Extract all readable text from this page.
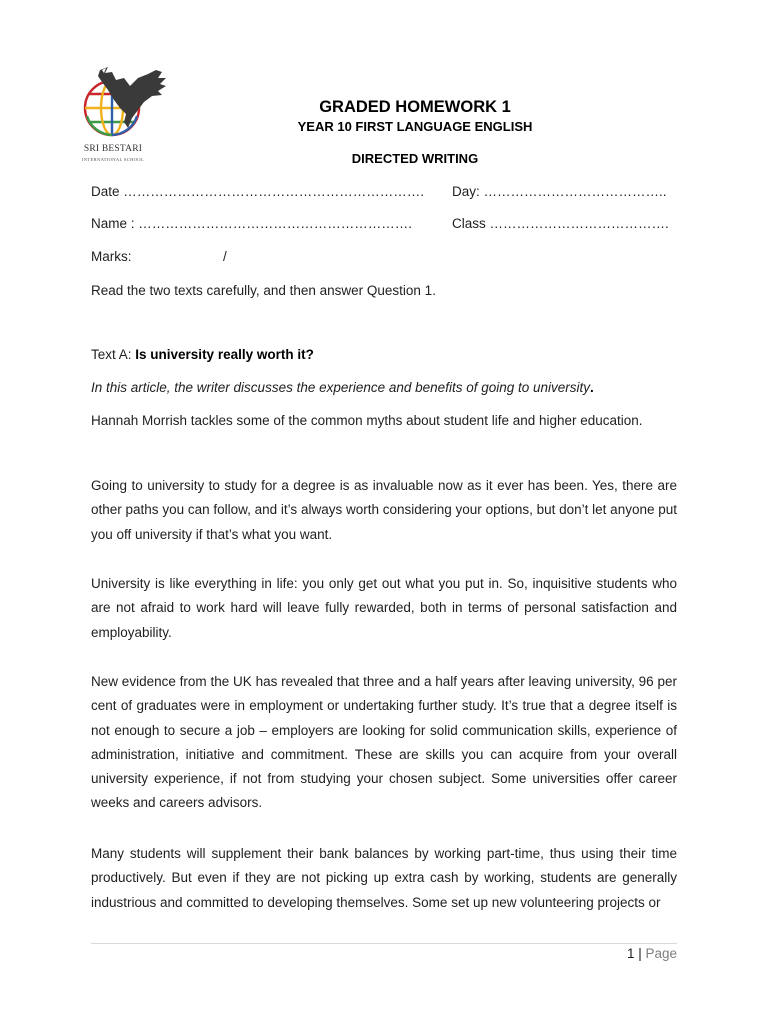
SRI BESTARI
INTERNATIONAL SCHOOL
GRADED HOMEWORK 1
YEAR 10 FIRST LANGUAGE ENGLISH
DIRECTED WRITING
Date …………………………………………………………. Day: …………………………………..
Name : …………………………………………………….	Class ………………………………….
Marks:	/
Read the two texts carefully, and then answer Question 1.
Text A: Is university really worth it?
In this article, the writer discusses the experience and benefits of going to university.
Hannah Morrish tackles some of the common myths about student life and higher education.
Going to university to study for a degree is as invaluable now as it ever has been. Yes, there are other paths you can follow, and it’s always worth considering your options, but don’t let anyone put you off university if that’s what you want.
University is like everything in life: you only get out what you put in. So, inquisitive students who are not afraid to work hard will leave fully rewarded, both in terms of personal satisfaction and employability.
New evidence from the UK has revealed that three and a half years after leaving university, 96 per cent of graduates were in employment or undertaking further study. It’s true that a degree itself is not enough to secure a job – employers are looking for solid communication skills, experience of administration, initiative and commitment. These are skills you can acquire from your overall university experience, if not from studying your chosen subject. Some universities offer career weeks and careers advisors.
Many students will supplement their bank balances by working part-time, thus using their time productively. But even if they are not picking up extra cash by working, students are generally industrious and committed to developing themselves. Some set up new volunteering projects or
1 | Page
